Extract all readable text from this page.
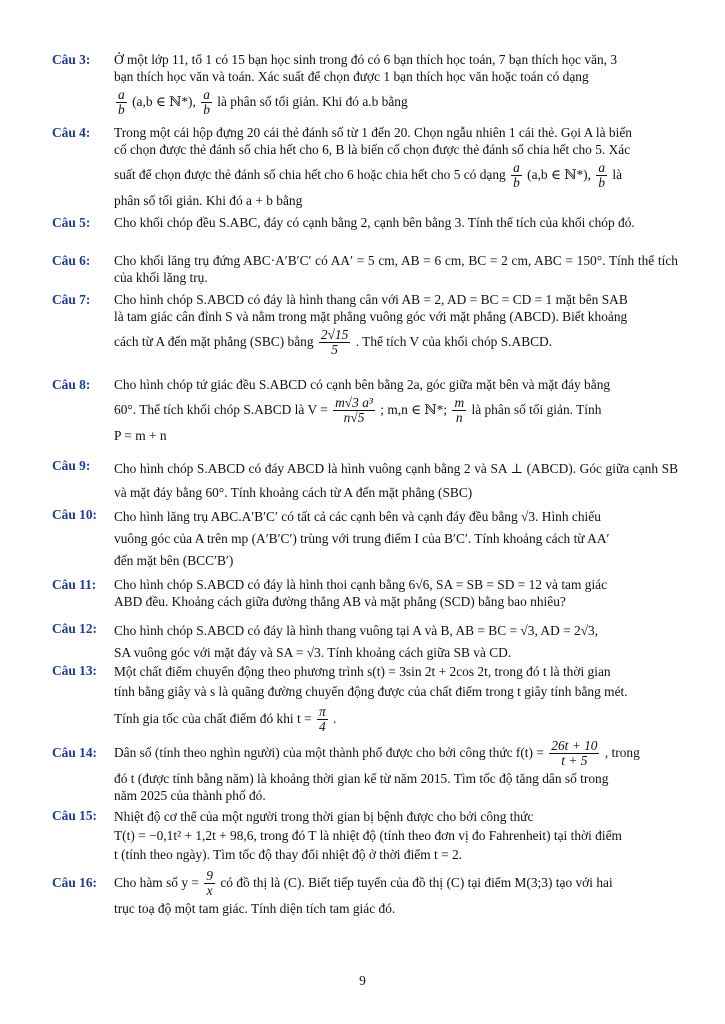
Câu 3:	Ở một lớp 11, tổ 1 có 15 bạn học sinh trong đó có 6 bạn thích học toán, 7 bạn thích học văn, 3
bạn thích học văn và toán. Xác suất để chọn được 1 bạn thích học văn hoặc toán có dạng
$\frac{a}{b} (a,b$ ∈ ℕ*), $\frac{a}{b}$ là phân số tối giản. Khi đó a.b bằng
Câu 4:	Trong một cái hộp đựng 20 cái thẻ đánh số từ 1 đến 20. Chọn ngẫu nhiên 1 cái thẻ. Gọi A là biến
cố chọn được thẻ đánh số chia hết cho 6, B là biến cố chọn được thẻ đánh số chia hết cho 5. Xác
suất để chọn được thẻ đánh số chia hết cho 6 hoặc chia hết cho 5 có dạng $\frac{a}{b} (a,b$ ∈ ℕ*), $\frac{a}{b}$ là
phân số tối giản. Khi đó a + b bằng
Câu 5:	Cho khối chóp đều S.ABC, đáy có cạnh bằng 2, cạnh bên bằng 3. Tính thể tích của khối chóp đó.

Câu 6:	Cho khối lăng trụ đứng ABC·A′B′C′ có AA′ = 5 cm, AB = 6 cm, BC = 2 cm, ABC = 150°. Tính thể tích của khối lăng trụ.

Câu 7:	Cho hình chóp S.ABCD có đáy là hình thang cân với AB = 2, AD = BC = CD = 1 mặt bên SAB
là tam giác cân đỉnh S và nằm trong mặt phẳng vuông góc với mặt phẳng (ABCD). Biết khoảng
cách từ A đến mặt phẳng (SBC) bằng $\frac{2√15}{5}$ . Thể tích V của khối chóp S.ABCD.
Câu 8:	Cho hình chóp tứ giác đều S.ABCD có cạnh bên bằng 2a, góc giữa mặt bên và mặt đáy bằng
60°. Thể tích khối chóp S.ABCD là $V = \frac{\text{m√3 a³}}{n√5}$ ; m,n ∈ ℕ*; $\frac{m}{n}$ là phân số tối giản. Tính
P = m + n
Câu 9:	Cho hình chóp S.ABCD có đáy ABCD là hình vuông cạnh bằng 2 và SA ⊥ (ABCD). Góc giữa cạnh SB và mặt đáy bằng 60°. Tính khoảng cách từ A đến mặt phẳng (SBC)

Câu 10:	Cho hình lăng trụ ABC.A′B′C′ có tất cả các cạnh bên và cạnh đáy đều bằng √3. Hình chiếu
vuông góc của A trên mp (A′B′C′) trùng với trung điểm I của B′C′. Tính khoảng cách từ AA′
đến mặt bên (BCC′B′)
Câu 11:	Cho hình chóp S.ABCD có đáy là hình thoi cạnh bằng 6√6, SA = SB = SD = 12 và tam giác
ABD đều. Khoảng cách giữa đường thẳng AB và mặt phẳng (SCD) bằng bao nhiêu?
Câu 12:	Cho hình chóp S.ABCD có đáy là hình thang vuông tại A và B, AB = BC = √3, AD = 2√3,
SA vuông góc với mặt đáy và SA = √3. Tính khoảng cách giữa SB và CD.
Câu 13:	Một chất điểm chuyển động theo phương trình s(t) = 3sin 2t + 2cos 2t, trong đó t là thời gian
tính bằng giây và s là quãng đường chuyển động được của chất điểm trong t giây tính bằng mét.
Tính gia tốc của chất điểm đó khi $t = \frac{\pi}{4}$ .
Câu 14:	Dân số (tính theo nghìn người) của một thành phố được cho bởi công thức $f(t) = \frac{26t + 10}{t + 5}$ , trong
đó t (được tính bằng năm) là khoảng thời gian kể từ năm 2015. Tìm tốc độ tăng dân số trong
năm 2025 của thành phố đó.
Câu 15:	Nhiệt độ cơ thể của một người trong thời gian bị bệnh được cho bởi công thức
T(t) = −0,1t² + 1,2t + 98,6, trong đó T là nhiệt độ (tính theo đơn vị đo Fahrenheit) tại thời điểm
t (tính theo ngày). Tìm tốc độ thay đổi nhiệt độ ở thời điểm t = 2.
Câu 16:	Cho hàm số $y = \frac{9}{x}$ có đồ thị là (C). Biết tiếp tuyến của đồ thị (C) tại điểm M(3;3) tạo với hai
trục toạ độ một tam giác. Tính diện tích tam giác đó.
9
